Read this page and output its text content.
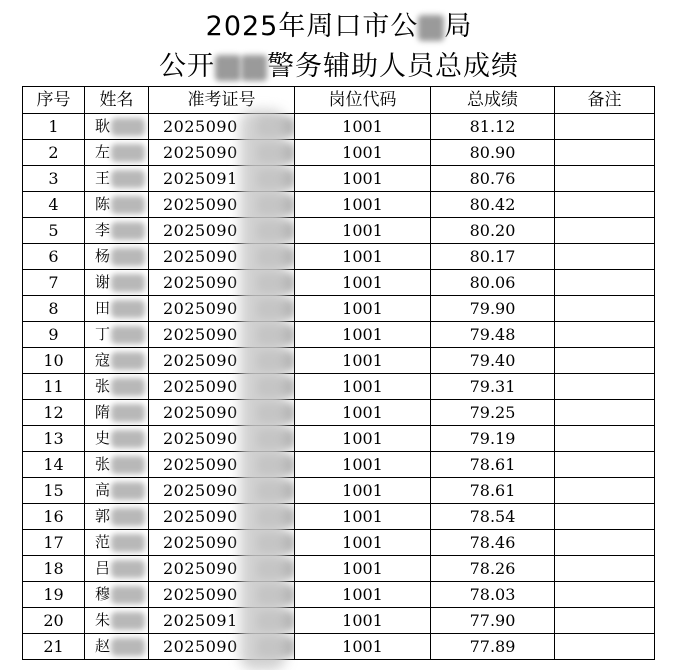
2025年周口市公 局
公开 警务辅助人员总成绩
序号	姓名	准考证号	岗位代码	总成绩	备注
1	耿	2025090	1001	81.12	
2	左	2025090	1001	80.90	
3	王	2025091	1001	80.76	
4	陈	2025090	1001	80.42	
5	李	2025090	1001	80.20	
6	杨	2025090	1001	80.17	
7	谢	2025090	1001	80.06	
8	田	2025090	1001	79.90	
9	丁	2025090	1001	79.48	
10	寇	2025090	1001	79.40	
11	张	2025090	1001	79.31	
12	隋	2025090	1001	79.25	
13	史	2025090	1001	79.19	
14	张	2025090	1001	78.61	
15	高	2025090	1001	78.61	
16	郭	2025090	1001	78.54	
17	范	2025090	1001	78.46	
18	吕	2025090	1001	78.26	
19	穆	2025090	1001	78.03	
20	朱	2025091	1001	77.90	
21	赵	2025090	1001	77.89	
